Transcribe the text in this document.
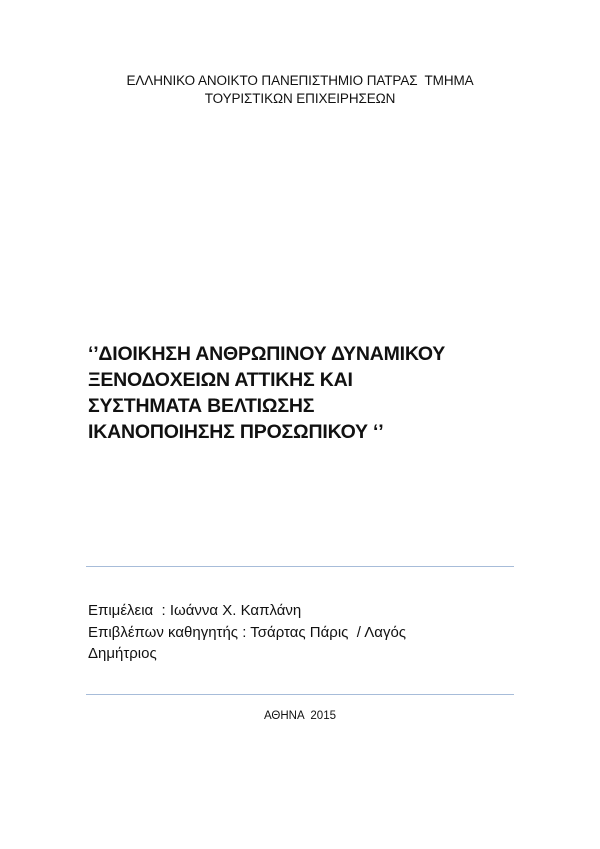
ΕΛΛΗΝΙΚΟ ΑΝΟΙΚΤΟ ΠΑΝΕΠΙΣΤΗΜΙΟ ΠΑΤΡΑΣ  ΤΜΗΜΑ
ΤΟΥΡΙΣΤΙΚΩΝ ΕΠΙΧΕΙΡΗΣΕΩΝ
‘’ΔΙΟΙΚΗΣΗ ΑΝΘΡΩΠΙΝΟΥ ΔΥΝΑΜΙΚΟΥ
ΞΕΝΟΔΟΧΕΙΩΝ ΑΤΤΙΚΗΣ ΚΑΙ
ΣΥΣΤΗΜΑΤΑ ΒΕΛΤΙΩΣΗΣ
ΙΚΑΝΟΠΟΙΗΣΗΣ ΠΡΟΣΩΠΙΚΟΥ ‘’
Επιμέλεια  : Ιωάννα Χ. Καπλάνη
Επιβλέπων καθηγητής : Τσάρτας Πάρις  / Λαγός
Δημήτριος
ΑΘΗΝΑ  2015
